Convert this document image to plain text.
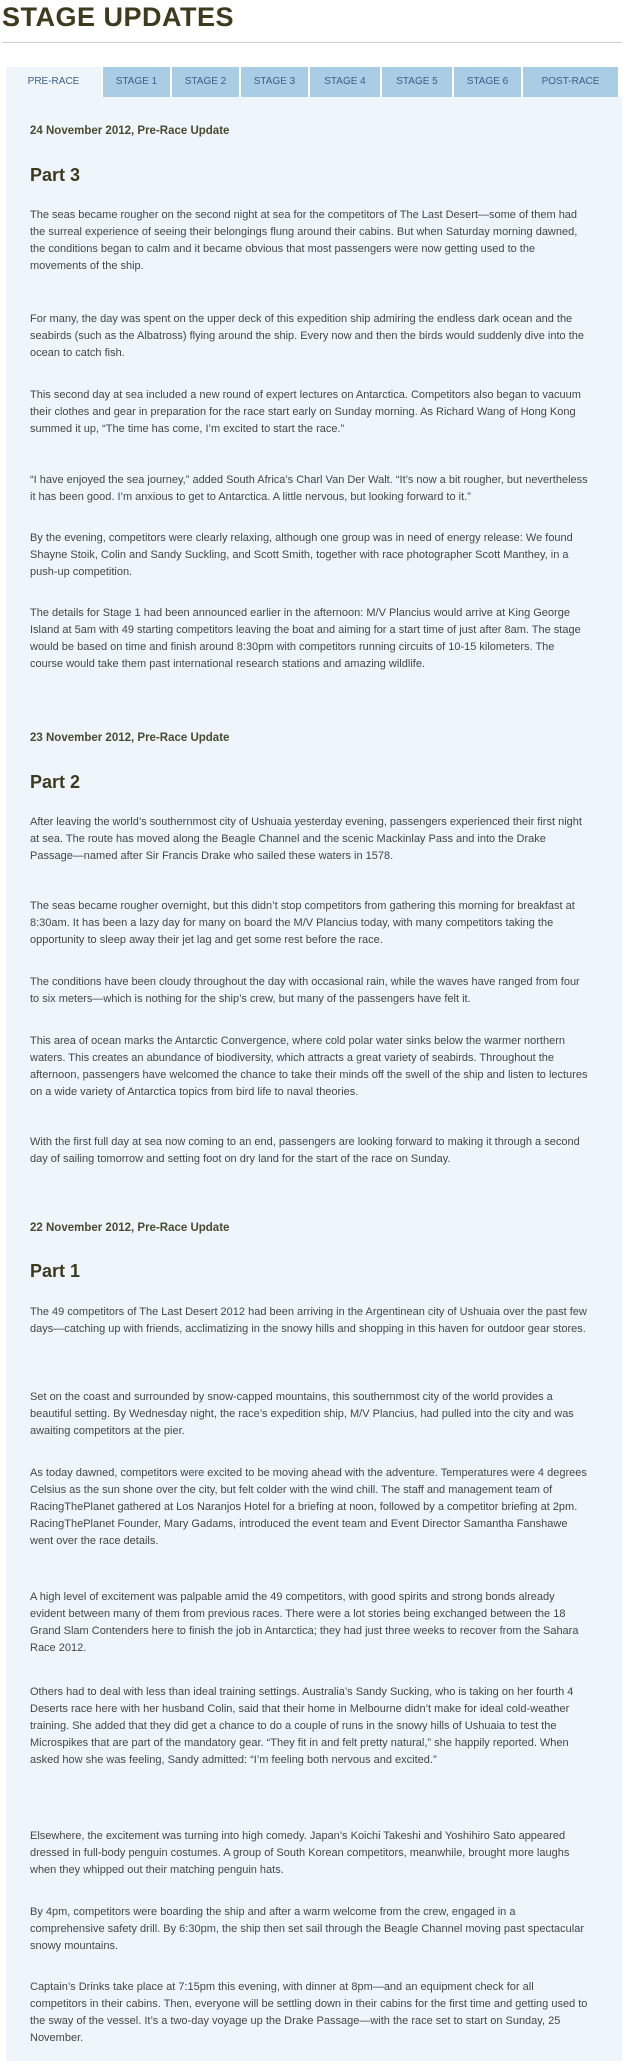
STAGE UPDATES
PRE-RACE	STAGE 1	STAGE 2	STAGE 3	STAGE 4	STAGE 5	STAGE 6	POST-RACE
24 November 2012, Pre-Race Update
Part 3

The seas became rougher on the second night at sea for the competitors of The Last Desert—some of them had the surreal experience of seeing their belongings flung around their cabins. But when Saturday morning dawned, the conditions began to calm and it became obvious that most passengers were now getting used to the movements of the ship.

For many, the day was spent on the upper deck of this expedition ship admiring the endless dark ocean and the seabirds (such as the Albatross) flying around the ship. Every now and then the birds would suddenly dive into the ocean to catch fish.

This second day at sea included a new round of expert lectures on Antarctica. Competitors also began to vacuum their clothes and gear in preparation for the race start early on Sunday morning. As Richard Wang of Hong Kong summed it up, “The time has come, I’m excited to start the race.”

“I have enjoyed the sea journey,” added South Africa’s Charl Van Der Walt. “It’s now a bit rougher, but nevertheless it has been good. I’m anxious to get to Antarctica. A little nervous, but looking forward to it.”

By the evening, competitors were clearly relaxing, although one group was in need of energy release: We found Shayne Stoik, Colin and Sandy Suckling, and Scott Smith, together with race photographer Scott Manthey, in a push-up competition.

The details for Stage 1 had been announced earlier in the afternoon: M/V Plancius would arrive at King George Island at 5am with 49 starting competitors leaving the boat and aiming for a start time of just after 8am. The stage would be based on time and finish around 8:30pm with competitors running circuits of 10-15 kilometers. The course would take them past international research stations and amazing wildlife.

23 November 2012, Pre-Race Update
Part 2

After leaving the world’s southernmost city of Ushuaia yesterday evening, passengers experienced their first night at sea. The route has moved along the Beagle Channel and the scenic Mackinlay Pass and into the Drake Passage—named after Sir Francis Drake who sailed these waters in 1578.

The seas became rougher overnight, but this didn’t stop competitors from gathering this morning for breakfast at 8:30am. It has been a lazy day for many on board the M/V Plancius today, with many competitors taking the opportunity to sleep away their jet lag and get some rest before the race.

The conditions have been cloudy throughout the day with occasional rain, while the waves have ranged from four to six meters—which is nothing for the ship’s crew, but many of the passengers have felt it.

This area of ocean marks the Antarctic Convergence, where cold polar water sinks below the warmer northern waters. This creates an abundance of biodiversity, which attracts a great variety of seabirds. Throughout the afternoon, passengers have welcomed the chance to take their minds off the swell of the ship and listen to lectures on a wide variety of Antarctica topics from bird life to naval theories.

With the first full day at sea now coming to an end, passengers are looking forward to making it through a second day of sailing tomorrow and setting foot on dry land for the start of the race on Sunday.

22 November 2012, Pre-Race Update
Part 1

The 49 competitors of The Last Desert 2012 had been arriving in the Argentinean city of Ushuaia over the past few days—catching up with friends, acclimatizing in the snowy hills and shopping in this haven for outdoor gear stores.

Set on the coast and surrounded by snow-capped mountains, this southernmost city of the world provides a beautiful setting. By Wednesday night, the race’s expedition ship, M/V Plancius, had pulled into the city and was awaiting competitors at the pier.

As today dawned, competitors were excited to be moving ahead with the adventure. Temperatures were 4 degrees Celsius as the sun shone over the city, but felt colder with the wind chill. The staff and management team of RacingThePlanet gathered at Los Naranjos Hotel for a briefing at noon, followed by a competitor briefing at 2pm. RacingThePlanet Founder, Mary Gadams, introduced the event team and Event Director Samantha Fanshawe went over the race details.

A high level of excitement was palpable amid the 49 competitors, with good spirits and strong bonds already evident between many of them from previous races. There were a lot stories being exchanged between the 18 Grand Slam Contenders here to finish the job in Antarctica; they had just three weeks to recover from the Sahara Race 2012.

Others had to deal with less than ideal training settings. Australia’s Sandy Sucking, who is taking on her fourth 4 Deserts race here with her husband Colin, said that their home in Melbourne didn’t make for ideal cold-weather training. She added that they did get a chance to do a couple of runs in the snowy hills of Ushuaia to test the Microspikes that are part of the mandatory gear. “They fit in and felt pretty natural,” she happily reported. When asked how she was feeling, Sandy admitted: “I’m feeling both nervous and excited.”

Elsewhere, the excitement was turning into high comedy. Japan’s Koichi Takeshi and Yoshihiro Sato appeared dressed in full-body penguin costumes. A group of South Korean competitors, meanwhile, brought more laughs when they whipped out their matching penguin hats.

By 4pm, competitors were boarding the ship and after a warm welcome from the crew, engaged in a comprehensive safety drill. By 6:30pm, the ship then set sail through the Beagle Channel moving past spectacular snowy mountains.

Captain’s Drinks take place at 7:15pm this evening, with dinner at 8pm—and an equipment check for all competitors in their cabins. Then, everyone will be settling down in their cabins for the first time and getting used to the sway of the vessel. It’s a two-day voyage up the Drake Passage—with the race set to start on Sunday, 25 November.
